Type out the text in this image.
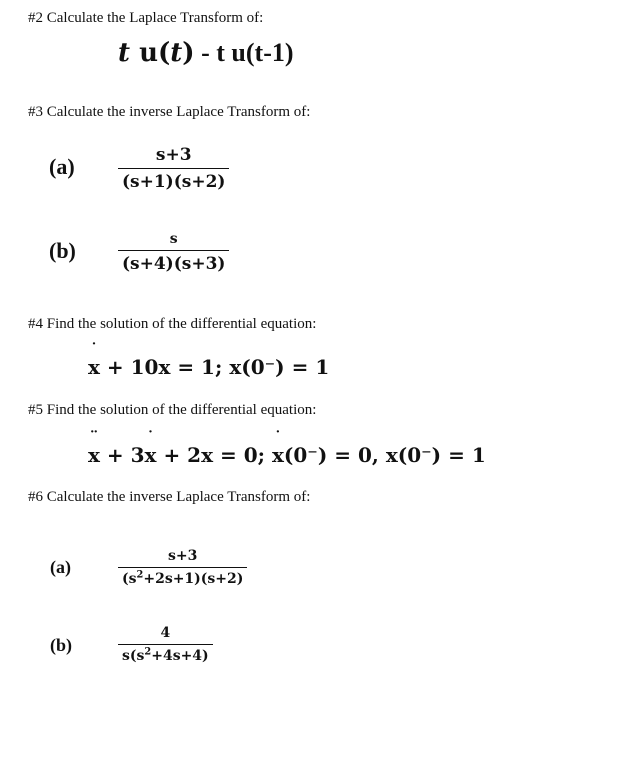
#2 Calculate the Laplace Transform of:
t u(t) - t u(t-1)
#3 Calculate the inverse Laplace Transform of:
(a)	$\frac{s+3}{(s+1)(s+2)}$
(b)	$\frac{s}{(s+4)(s+3)}$
#4 Find the solution of the differential equation:
˙
x + 10x = 1; x(0⁻) = 1
#5 Find the solution of the differential equation:
¨
x + 3
˙
x + 2x = 0;
˙
x(0⁻) = 0, x(0⁻) = 1
#6 Calculate the inverse Laplace Transform of:
(a)	$\frac{s+3}{(s^2+2s+1)(s+2)}$
(b)	$\frac{4}{s(s^2+4s+4)}$
